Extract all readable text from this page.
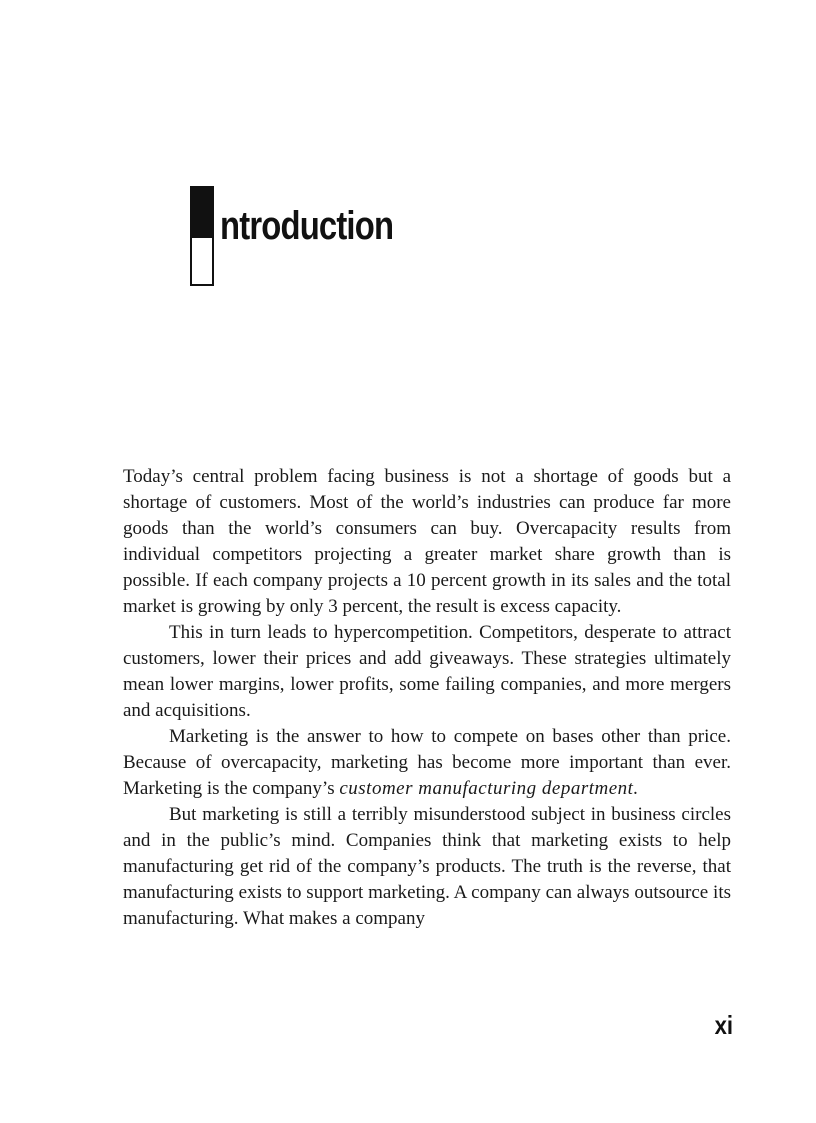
ntroduction

Today’s central problem facing business is not a shortage of goods but a shortage of customers. Most of the world’s industries can produce far more goods than the world’s consumers can buy. Overcapacity results from individual competitors projecting a greater market share growth than is possible. If each company projects a 10 percent growth in its sales and the total market is growing by only 3 percent, the result is excess capacity.

This in turn leads to hypercompetition. Competitors, desperate to attract customers, lower their prices and add giveaways. These strategies ultimately mean lower margins, lower profits, some failing companies, and more mergers and acquisitions.

Marketing is the answer to how to compete on bases other than price. Because of overcapacity, marketing has become more important than ever. Marketing is the company’s customer manufacturing department.

But marketing is still a terribly misunderstood subject in business circles and in the public’s mind. Companies think that marketing exists to help manufacturing get rid of the company’s products. The truth is the reverse, that manufacturing exists to support marketing. A company can always outsource its manufacturing. What makes a company

xi
